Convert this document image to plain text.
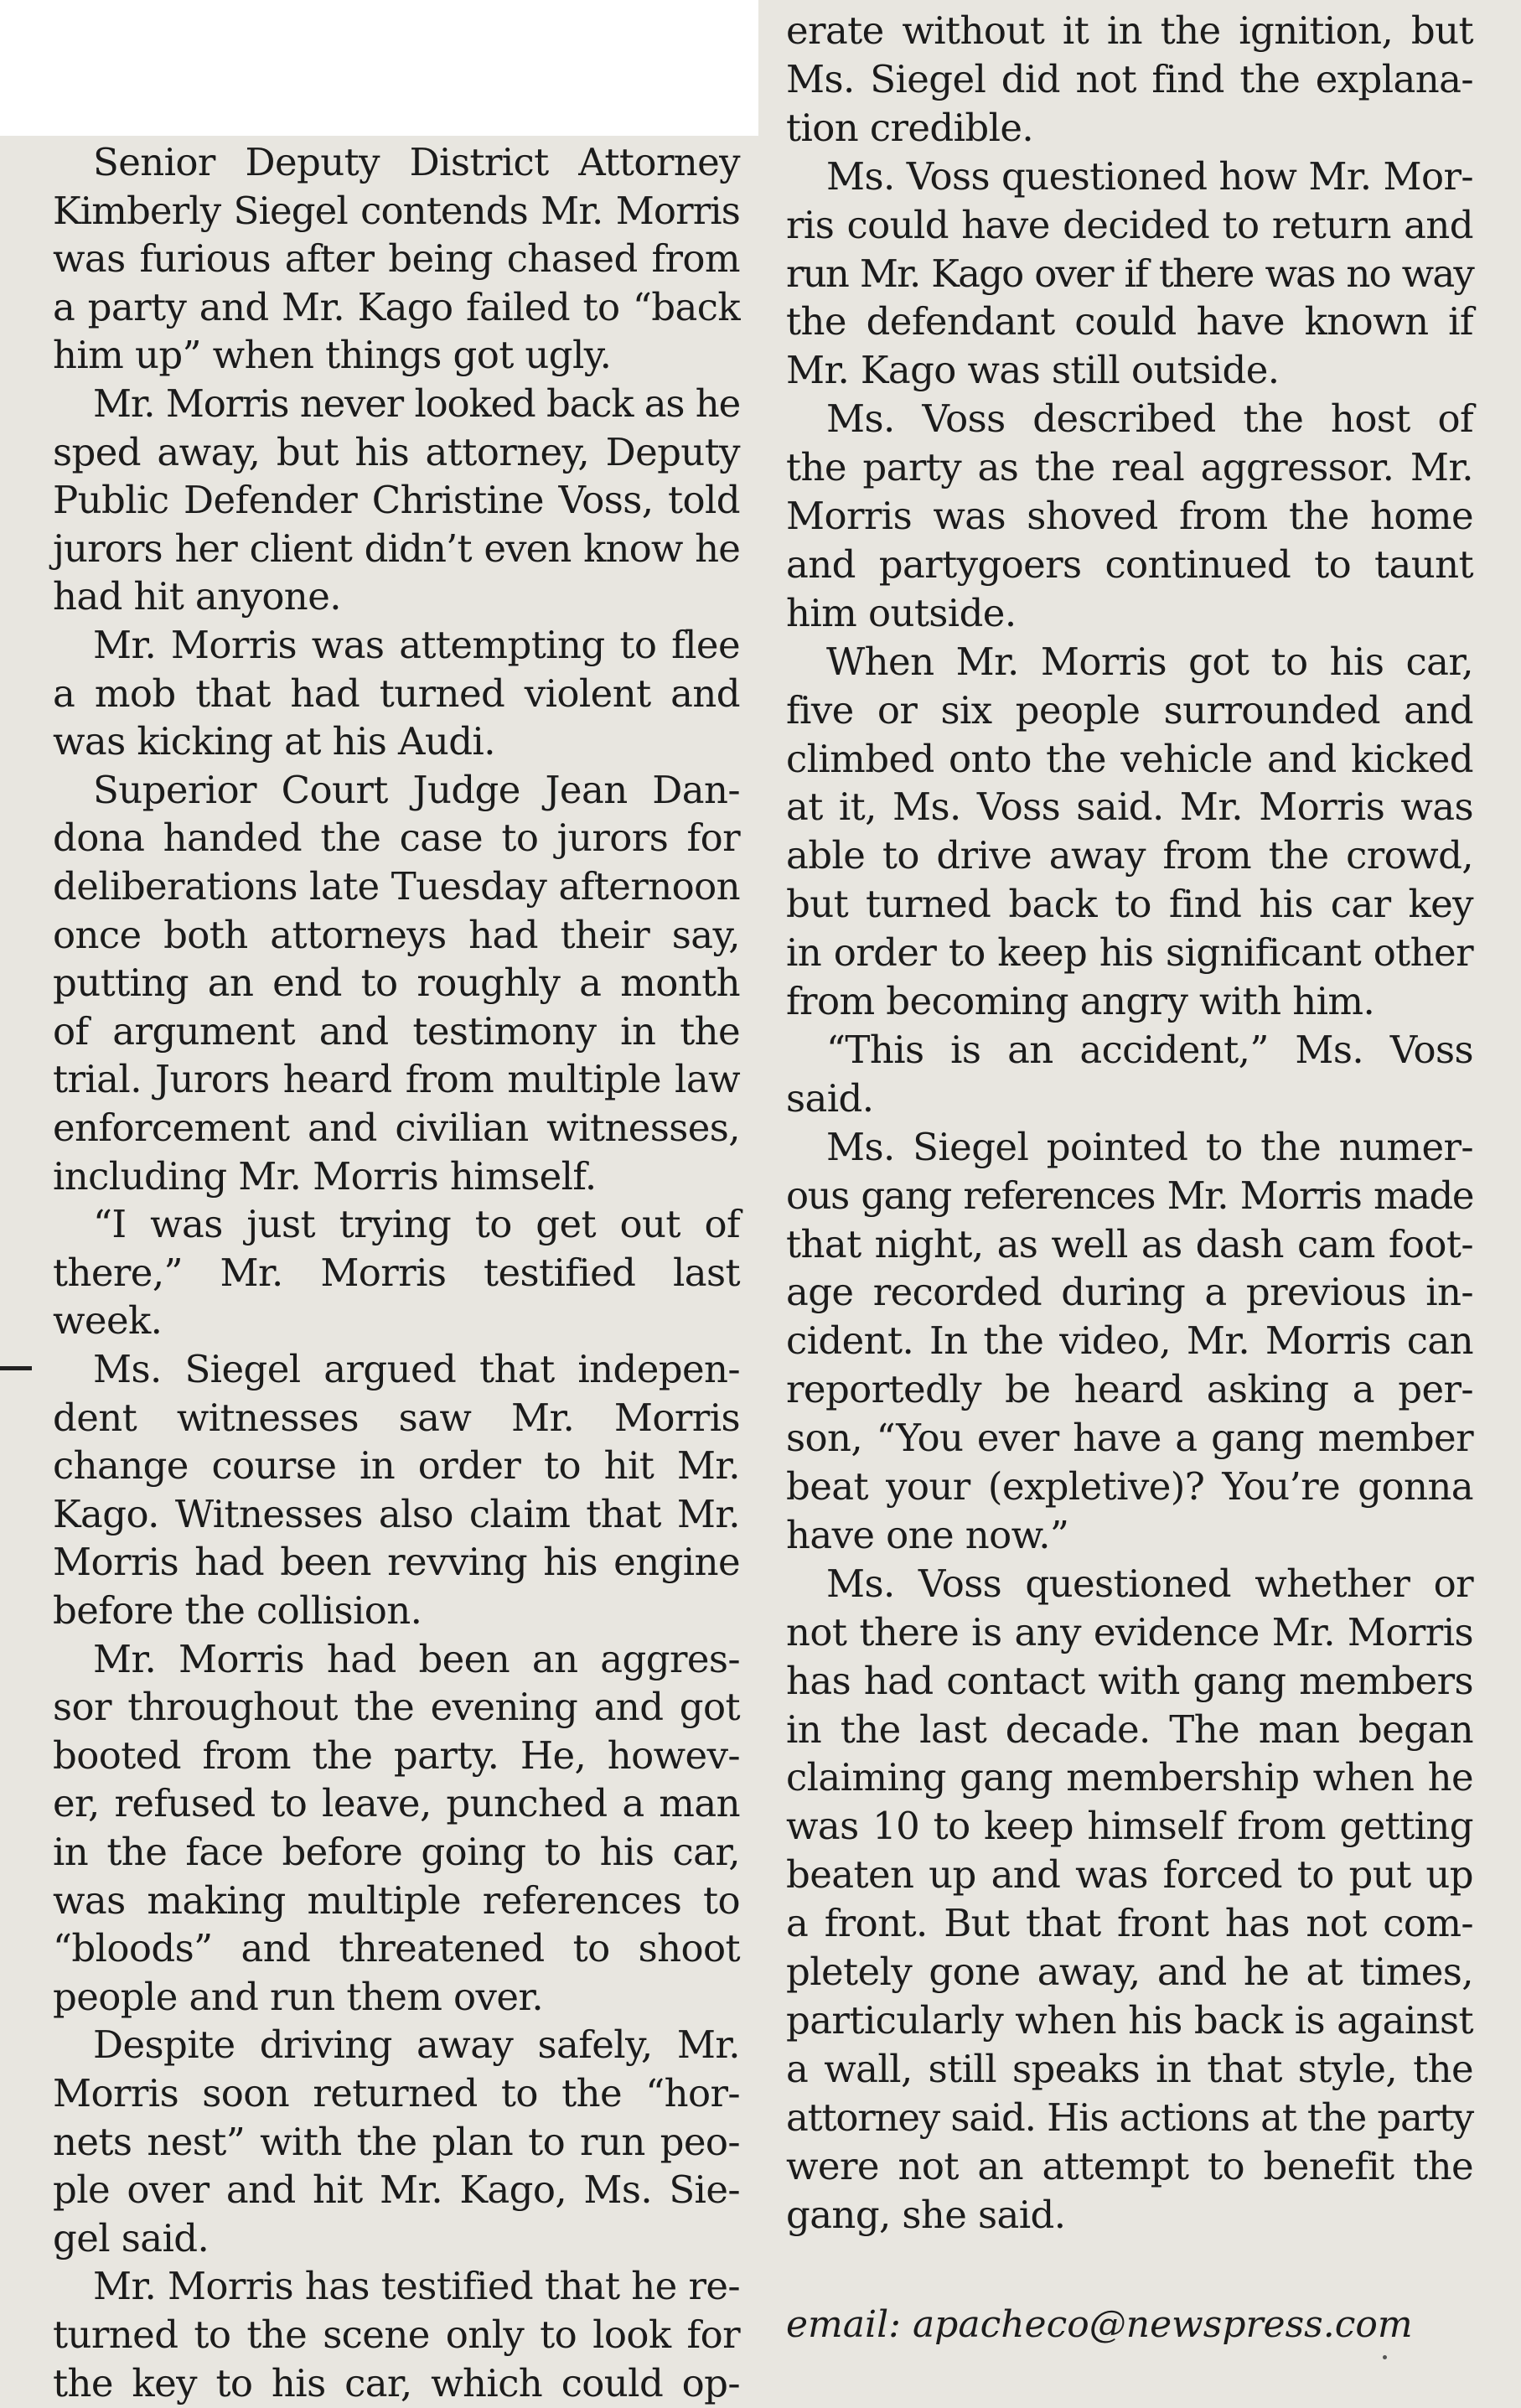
Senior Deputy District Attorney
Kimberly Siegel contends Mr. Morris
was furious after being chased from
a party and Mr. Kago failed to “back
him up” when things got ugly.
Mr. Morris never looked back as he
sped away, but his attorney, Deputy
Public Defender Christine Voss, told
jurors her client didn’t even know he
had hit anyone.
Mr. Morris was attempting to flee
a mob that had turned violent and
was kicking at his Audi.
Superior Court Judge Jean Dan-
dona handed the case to jurors for
deliberations late Tuesday afternoon
once both attorneys had their say,
putting an end to roughly a month
of argument and testimony in the
trial. Jurors heard from multiple law
enforcement and civilian witnesses,
including Mr. Morris himself.
“I was just trying to get out of
there,” Mr. Morris testified last
week.
Ms. Siegel argued that indepen-
dent witnesses saw Mr. Morris
change course in order to hit Mr.
Kago. Witnesses also claim that Mr.
Morris had been revving his engine
before the collision.
Mr. Morris had been an aggres-
sor throughout the evening and got
booted from the party. He, howev-
er, refused to leave, punched a man
in the face before going to his car,
was making multiple references to
“bloods” and threatened to shoot
people and run them over.
Despite driving away safely, Mr.
Morris soon returned to the “hor-
nets nest” with the plan to run peo-
ple over and hit Mr. Kago, Ms. Sie-
gel said.
Mr. Morris has testified that he re-
turned to the scene only to look for
the key to his car, which could op-
email: apacheco@newspress.com
erate without it in the ignition, but
Ms. Siegel did not find the explana-
tion credible.
Ms. Voss questioned how Mr. Mor-
ris could have decided to return and
run Mr. Kago over if there was no way
the defendant could have known if
Mr. Kago was still outside.
Ms. Voss described the host of
the party as the real aggressor. Mr.
Morris was shoved from the home
and partygoers continued to taunt
him outside.
When Mr. Morris got to his car,
five or six people surrounded and
climbed onto the vehicle and kicked
at it, Ms. Voss said. Mr. Morris was
able to drive away from the crowd,
but turned back to find his car key
in order to keep his significant other
from becoming angry with him.
“This is an accident,” Ms. Voss
said.
Ms. Siegel pointed to the numer-
ous gang references Mr. Morris made
that night, as well as dash cam foot-
age recorded during a previous in-
cident. In the video, Mr. Morris can
reportedly be heard asking a per-
son, “You ever have a gang member
beat your (expletive)? You’re gonna
have one now.”
Ms. Voss questioned whether or
not there is any evidence Mr. Morris
has had contact with gang members
in the last decade. The man began
claiming gang membership when he
was 10 to keep himself from getting
beaten up and was forced to put up
a front. But that front has not com-
pletely gone away, and he at times,
particularly when his back is against
a wall, still speaks in that style, the
attorney said. His actions at the party
were not an attempt to benefit the
gang, she said.
